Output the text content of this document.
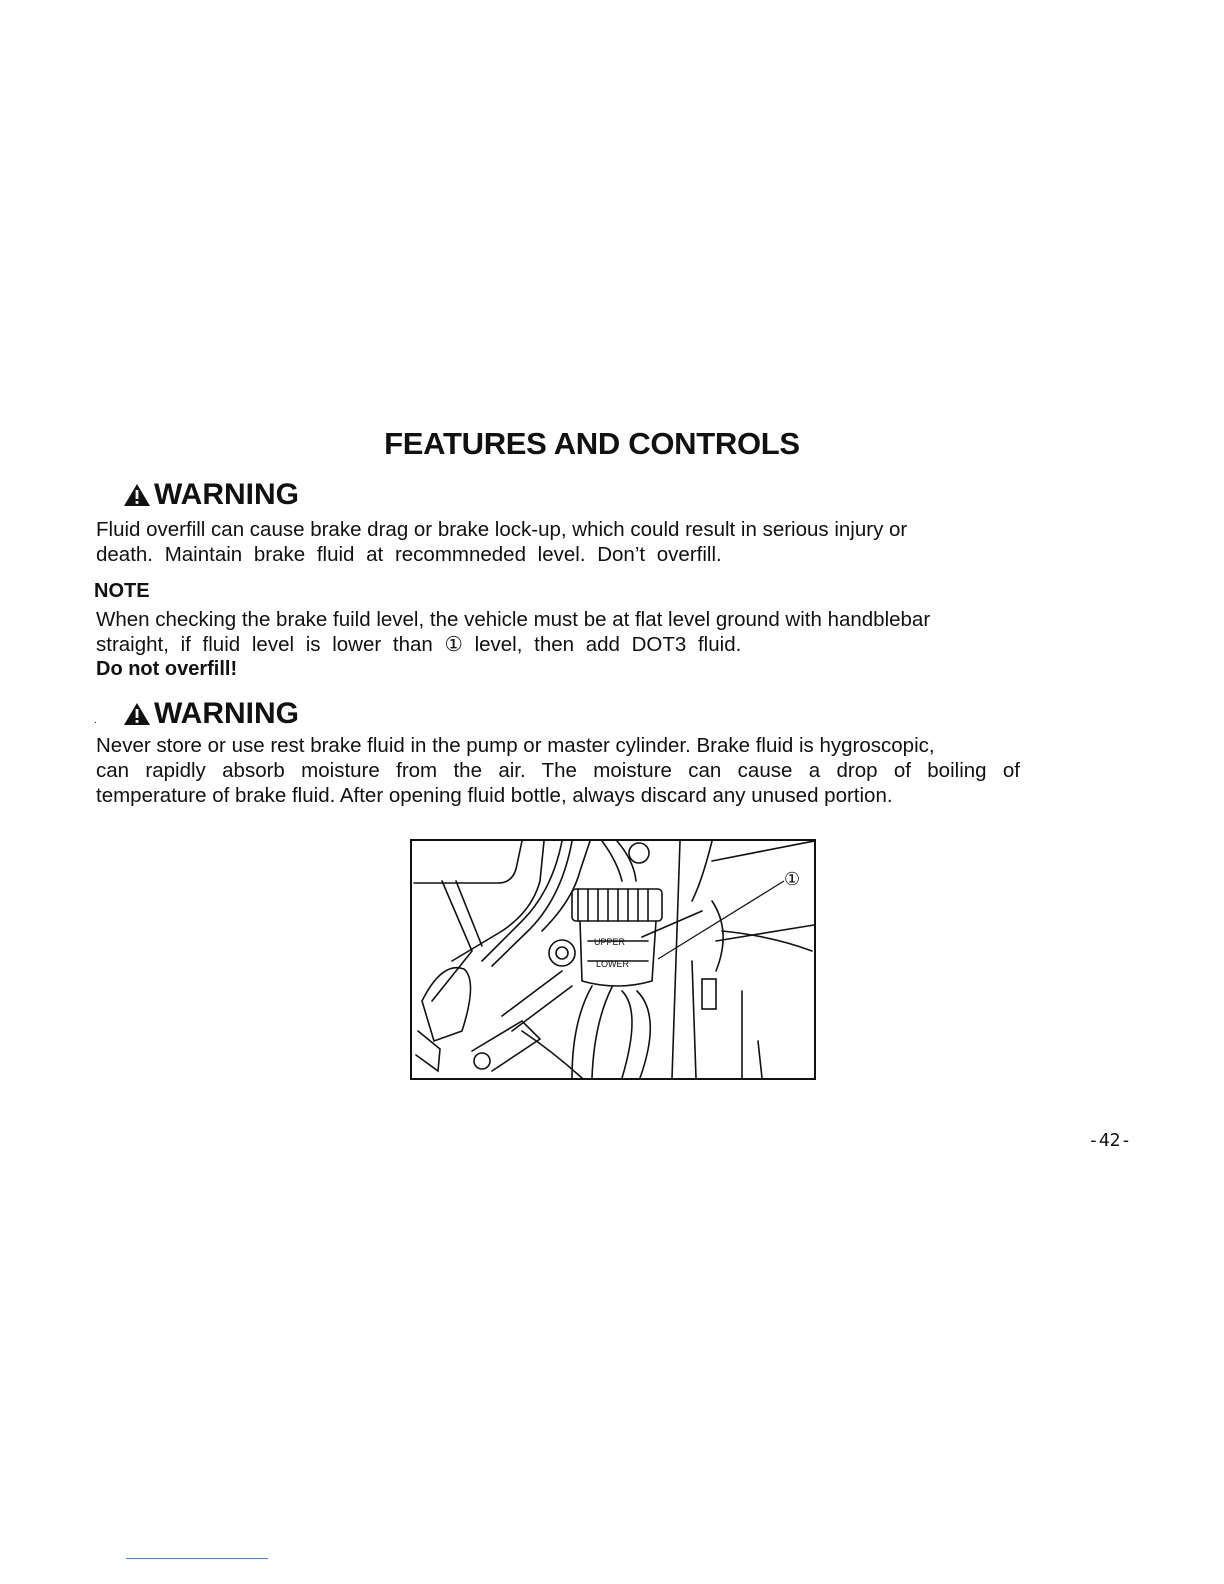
FEATURES AND CONTROLS
WARNING
Fluid overfill can cause brake drag or brake lock-up, which could result in serious injury or
death. Maintain brake fluid at recommneded level. Don’t overfill.
NOTE
When checking the brake fuild level, the vehicle must be at flat level ground with handblebar
straight, if fluid level is lower than ① level, then add DOT3 fluid.
Do not overfill!
. WARNING
Never store or use rest brake fluid in the pump or master cylinder. Brake fluid is hygroscopic,
can rapidly absorb moisture from the air. The moisture can cause a drop of boiling of
temperature of brake fluid. After opening fluid bottle, always discard any unused portion.
UPPER
LOWER
①
-42-
